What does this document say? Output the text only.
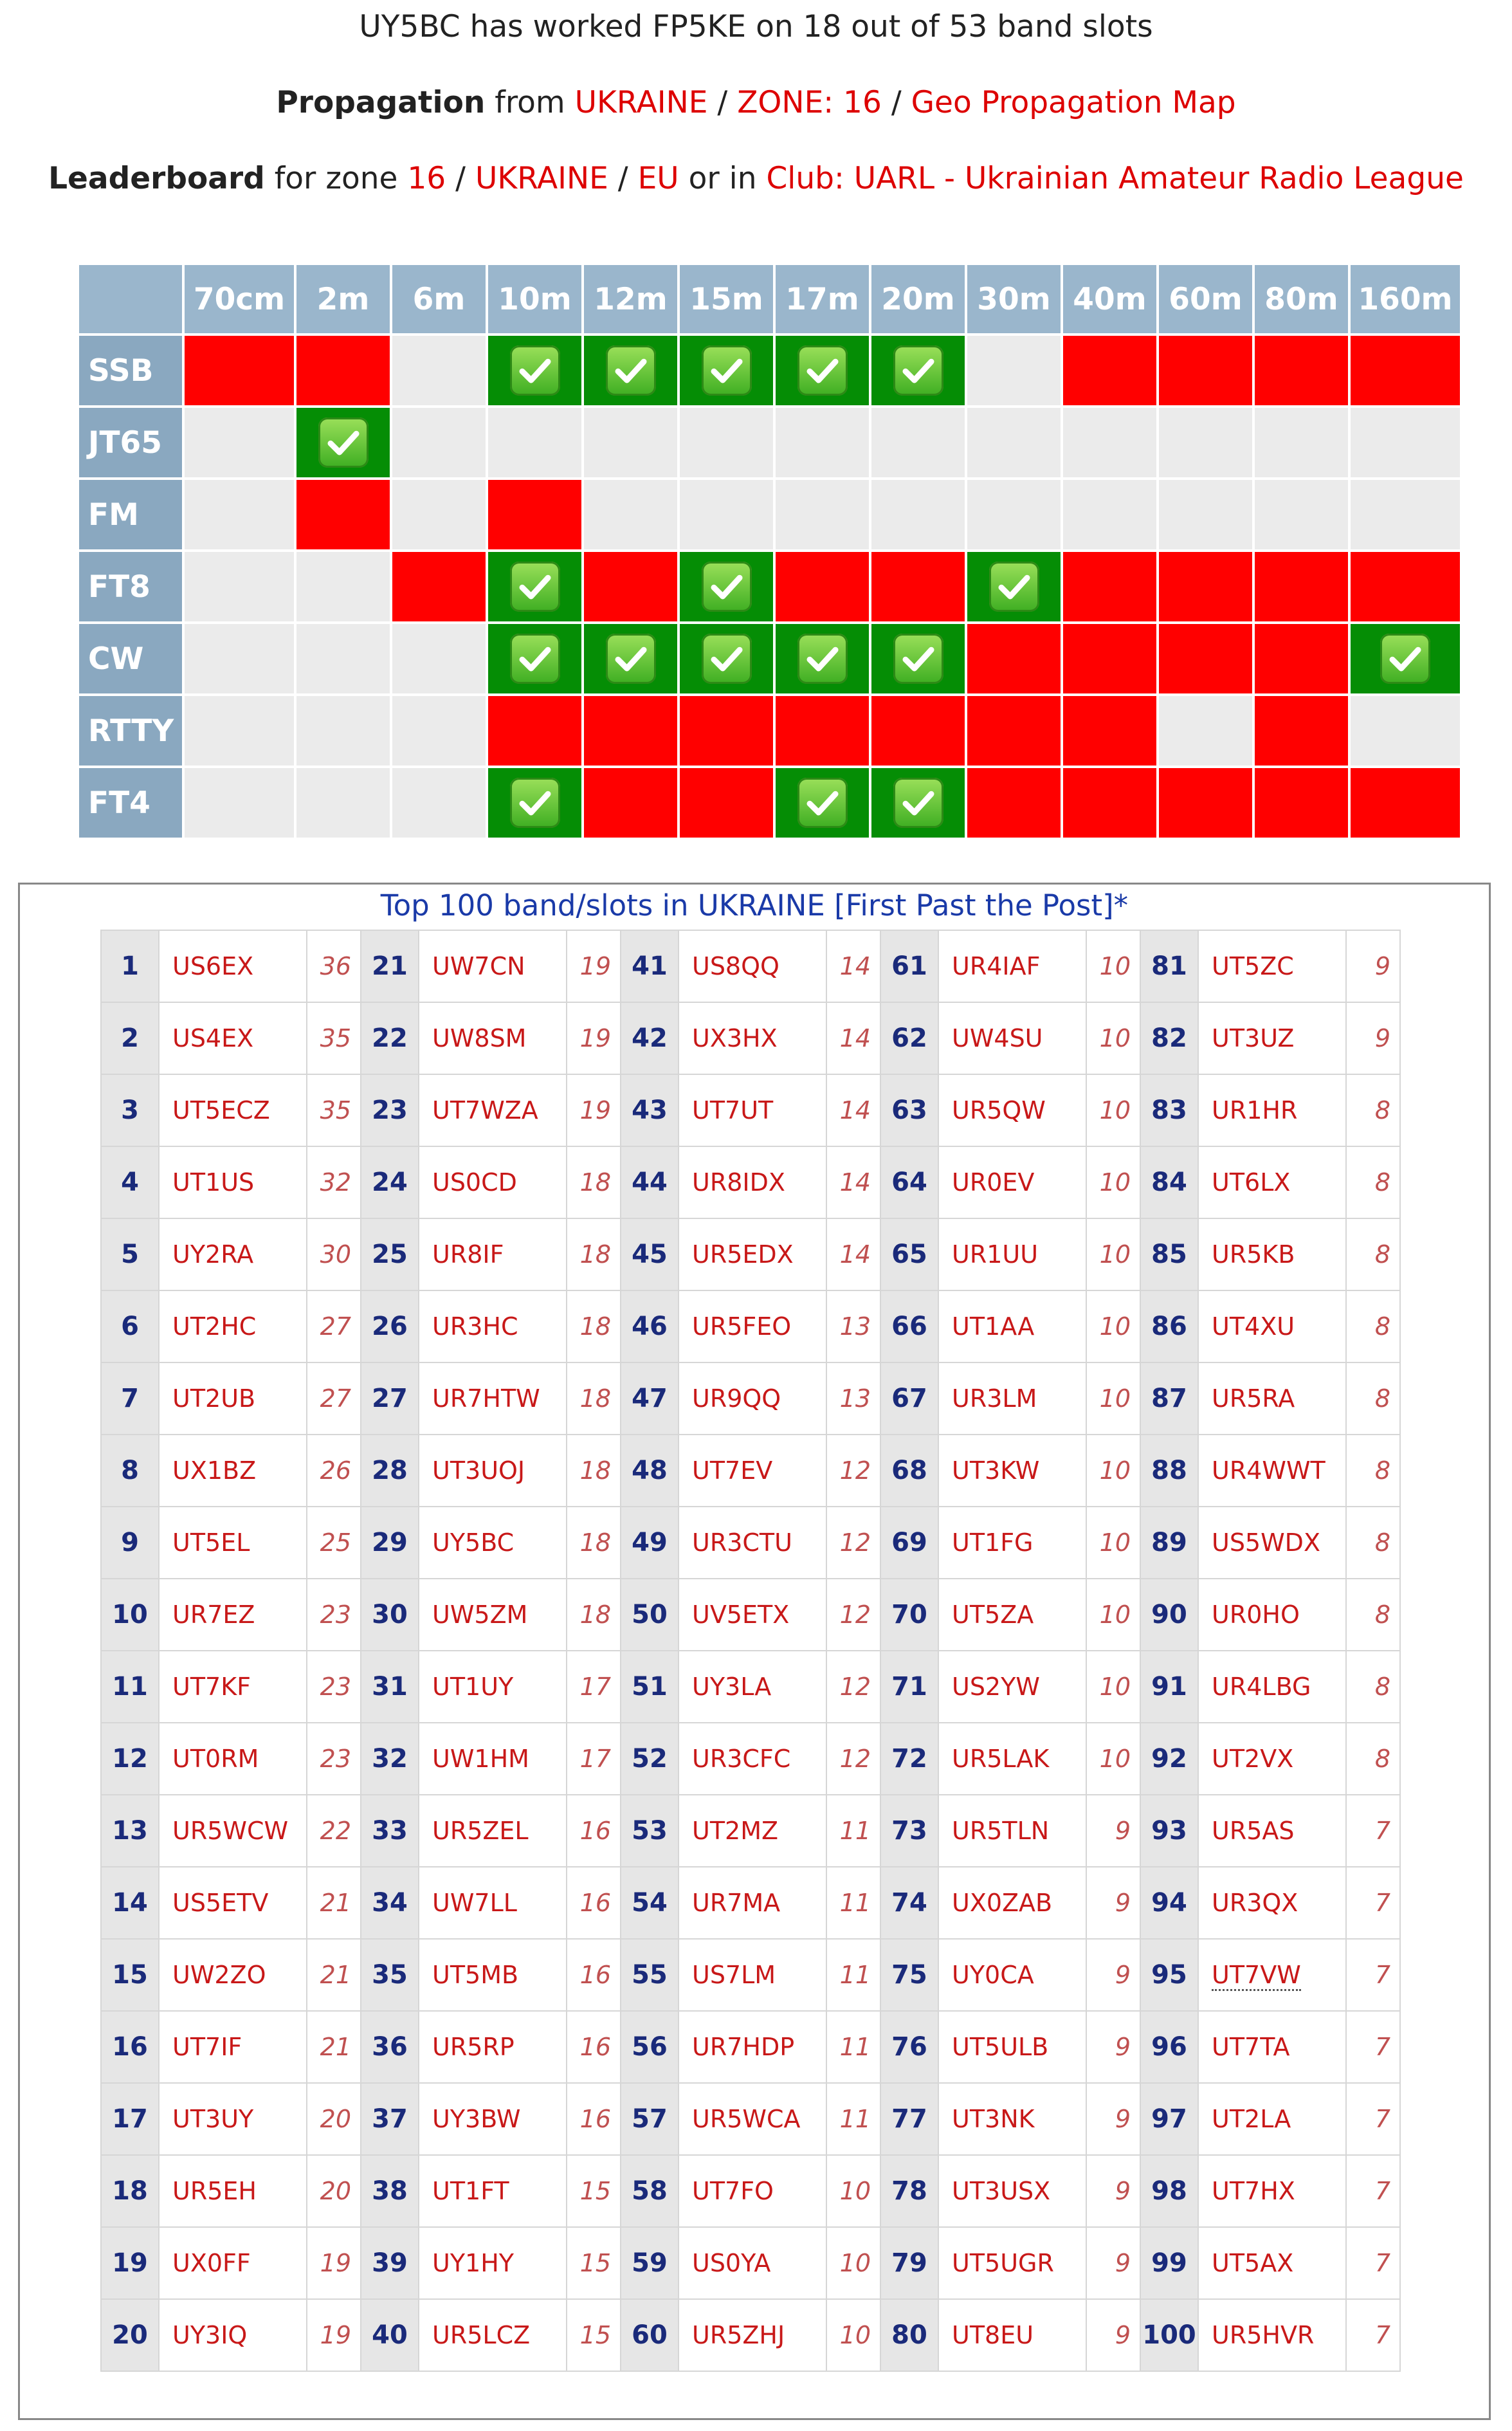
UY5BC has worked FP5KE on 18 out of 53 band slots
Propagation from UKRAINE / ZONE: 16 / Geo Propagation Map
Leaderboard for zone 16 / UKRAINE / EU or in Club: UARL - Ukrainian Amateur Radio League
	70cm	2m	6m	10m	12m	15m	17m	20m	30m	40m	60m	80m	160m
SSB				

JT65		

FM													
FT8				

CW				

RTTY													
FT4				

Top 100 band/slots in UKRAINE [First Past the Post]*
1	US6EX	36	21	UW7CN	19	41	US8QQ	14	61	UR4IAF	10	81	UT5ZC	9
2	US4EX	35	22	UW8SM	19	42	UX3HX	14	62	UW4SU	10	82	UT3UZ	9
3	UT5ECZ	35	23	UT7WZA	19	43	UT7UT	14	63	UR5QW	10	83	UR1HR	8
4	UT1US	32	24	US0CD	18	44	UR8IDX	14	64	UR0EV	10	84	UT6LX	8
5	UY2RA	30	25	UR8IF	18	45	UR5EDX	14	65	UR1UU	10	85	UR5KB	8
6	UT2HC	27	26	UR3HC	18	46	UR5FEO	13	66	UT1AA	10	86	UT4XU	8
7	UT2UB	27	27	UR7HTW	18	47	UR9QQ	13	67	UR3LM	10	87	UR5RA	8
8	UX1BZ	26	28	UT3UOJ	18	48	UT7EV	12	68	UT3KW	10	88	UR4WWT	8
9	UT5EL	25	29	UY5BC	18	49	UR3CTU	12	69	UT1FG	10	89	US5WDX	8
10	UR7EZ	23	30	UW5ZM	18	50	UV5ETX	12	70	UT5ZA	10	90	UR0HO	8
11	UT7KF	23	31	UT1UY	17	51	UY3LA	12	71	US2YW	10	91	UR4LBG	8
12	UT0RM	23	32	UW1HM	17	52	UR3CFC	12	72	UR5LAK	10	92	UT2VX	8
13	UR5WCW	22	33	UR5ZEL	16	53	UT2MZ	11	73	UR5TLN	9	93	UR5AS	7
14	US5ETV	21	34	UW7LL	16	54	UR7MA	11	74	UX0ZAB	9	94	UR3QX	7
15	UW2ZO	21	35	UT5MB	16	55	US7LM	11	75	UY0CA	9	95	UT7VW	7
16	UT7IF	21	36	UR5RP	16	56	UR7HDP	11	76	UT5ULB	9	96	UT7TA	7
17	UT3UY	20	37	UY3BW	16	57	UR5WCA	11	77	UT3NK	9	97	UT2LA	7
18	UR5EH	20	38	UT1FT	15	58	UT7FO	10	78	UT3USX	9	98	UT7HX	7
19	UX0FF	19	39	UY1HY	15	59	US0YA	10	79	UT5UGR	9	99	UT5AX	7
20	UY3IQ	19	40	UR5LCZ	15	60	UR5ZHJ	10	80	UT8EU	9	100	UR5HVR	7
